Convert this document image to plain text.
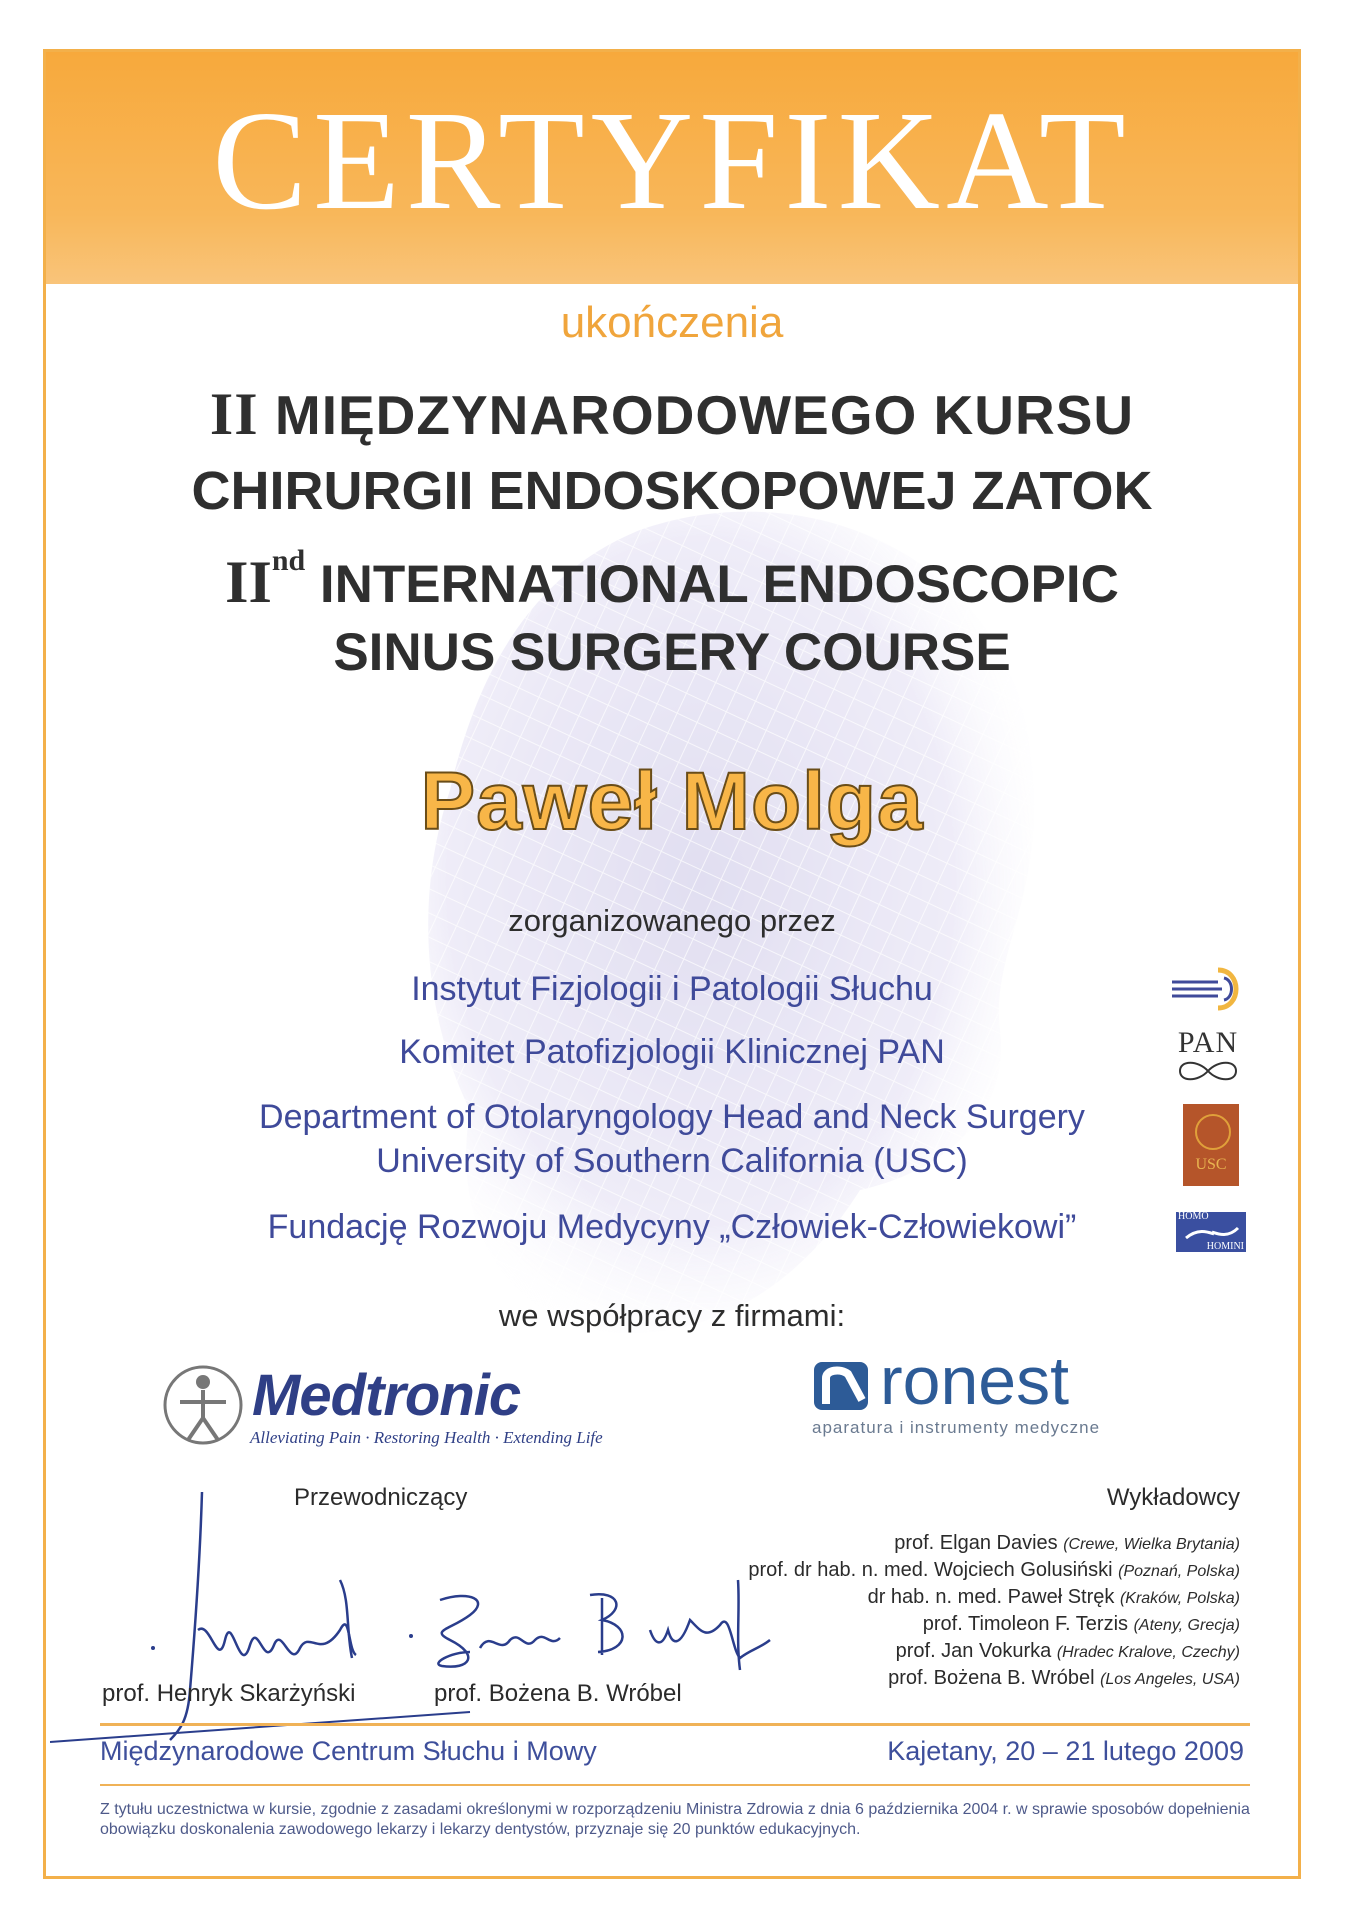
CERTYFIKAT
ukończenia
II MIĘDZYNARODOWEGO KURSU
CHIRURGII ENDOSKOPOWEJ ZATOK
IInd INTERNATIONAL ENDOSCOPIC
SINUS SURGERY COURSE
Paweł Molga
zorganizowanego przez
Instytut Fizjologii i Patologii Słuchu
Komitet Patofizjologii Klinicznej PAN
Department of Otolaryngology Head and Neck Surgery
University of Southern California (USC)
Fundację Rozwoju Medycyny „Człowiek-Człowiekowi”
PAN
USC
HOMO
HOMINI
we współpracy z firmami:
Medtronic
Alleviating Pain · Restoring Health · Extending Life
ronest
aparatura i instrumenty medyczne
Przewodniczący	Wykładowcy
prof. Elgan Davies (Crewe, Wielka Brytania)
prof. dr hab. n. med. Wojciech Golusiński (Poznań, Polska)
dr hab. n. med. Paweł Stręk (Kraków, Polska)
prof. Timoleon F. Terzis (Ateny, Grecja)
prof. Jan Vokurka (Hradec Kralove, Czechy)
prof. Bożena B. Wróbel (Los Angeles, USA)
prof. Henryk Skarżyński	prof. Bożena B. Wróbel
Międzynarodowe Centrum Słuchu i Mowy	Kajetany, 20 – 21 lutego 2009
Z tytułu uczestnictwa w kursie, zgodnie z zasadami określonymi w rozporządzeniu Ministra Zdrowia z dnia 6 października 2004 r. w sprawie sposobów dopełnienia obowiązku doskonalenia zawodowego lekarzy i lekarzy dentystów, przyznaje się 20 punktów edukacyjnych.
